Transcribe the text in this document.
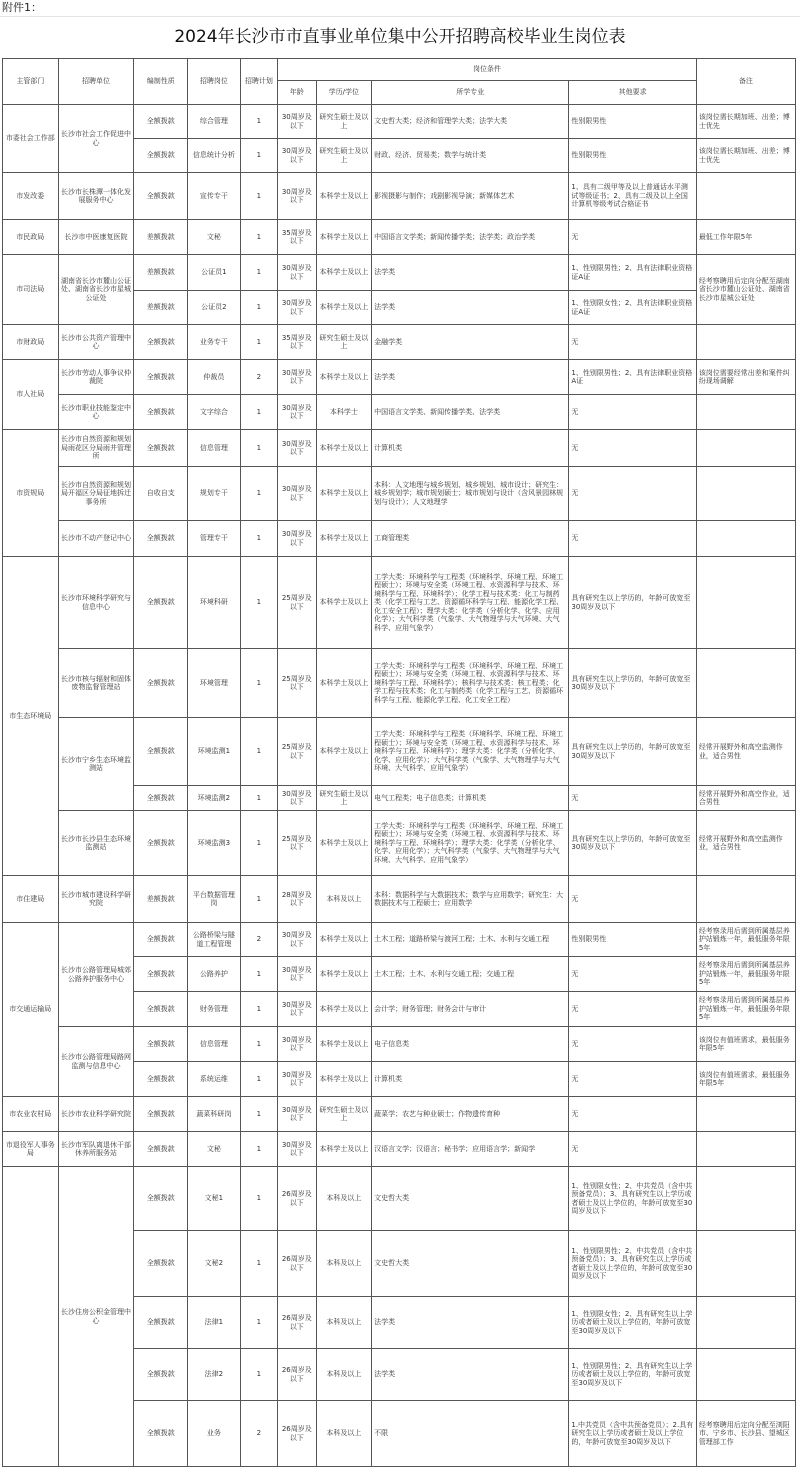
附件1：
2024年长沙市市直事业单位集中公开招聘高校毕业生岗位表
主管部门	招聘单位	编制性质	招聘岗位	招聘计划	岗位条件				备注
					年龄	学历/学位	所学专业	其他要求	
市委社会工作部	长沙市社会工作促进中心	全额拨款	综合管理	1	30周岁及以下	研究生硕士及以上	文史哲大类；经济和管理学大类；法学大类	性别限男性	该岗位需长期加班、出差；博士优先
		全额拨款	信息统计分析	1	30周岁及以下	研究生硕士及以上	财政、经济、贸易类；数学与统计类	性别限男性	该岗位需长期加班、出差；博士优先
市发改委	长沙市长株潭一体化发展服务中心	全额拨款	宣传专干	1	30周岁及以下	本科学士及以上	影视摄影与制作；戏剧影视导演；新媒体艺术	1、具有二级甲等及以上普通话水平测试等级证书；2、具有二级及以上全国计算机等级考试合格证书	
市民政局	长沙市中医康复医院	差额拨款	文秘	1	35周岁及以下	本科学士及以上	中国语言文学类；新闻传播学类；法学类；政治学类	无	最低工作年限5年
市司法局	湖南省长沙市麓山公证处、湖南省长沙市星城公证处	差额拨款	公证员1	1	30周岁及以下	本科学士及以上	法学类	1、性别限男性；2、具有法律职业资格证A证	经考察聘用后定向分配至湖南省长沙市麓山公证处、湖南省长沙市星城公证处
		差额拨款	公证员2	1	30周岁及以下	本科学士及以上	法学类	1、性别限女性；2、具有法律职业资格证A证	
市财政局	长沙市公共资产管理中心	全额拨款	业务专干	1	35周岁及以下	研究生硕士及以上	金融学类	无	
市人社局	长沙市劳动人事争议仲裁院	全额拨款	仲裁员	2	30周岁及以下	本科学士及以上	法学类	1、性别限男性；2、具有法律职业资格A证	该岗位需要经常出差和案件纠纷现场调解
	长沙市职业技能鉴定中心	全额拨款	文字综合	1	30周岁及以下	本科学士	中国语言文学类、新闻传播学类、法学类	无	
市资规局	长沙市自然资源和规划局雨花区分局雨井管理所	全额拨款	信息管理	1	30周岁及以下	本科学士及以上	计算机类	无	
	长沙市自然资源和规划局开福区分局征地拆迁事务所	自收自支	规划专干	1	30周岁及以下	本科学士及以上	本科：人文地理与城乡规划、城乡规划、城市设计；研究生：城乡规划学；城市规划硕士；城市规划与设计（含风景园林规划与设计）；人文地理学	无	
	长沙市不动产登记中心	全额拨款	管理专干	1	30周岁及以下	本科学士及以上	工商管理类	无	
市生态环境局	长沙市环境科学研究与信息中心	全额拨款	环境科研	1	25周岁及以下	本科学士及以上	工学大类：环境科学与工程类（环境科学、环境工程、环境工程硕士）；环境与安全类（环境工程、水资源科学与技术、环境科学与工程、环境科学）；化学工程与技术类：化工与制药类（化学工程与工艺、资源循环科学与工程、能源化学工程、化工安全工程）；理学大类：化学类（分析化学、化学、应用化学）；大气科学类（气象学、大气物理学与大气环境、大气科学、应用气象学）	具有研究生以上学历的，年龄可放宽至30周岁及以下	
	长沙市核与辐射和固体废物监督管理站	全额拨款	环境管理	1	25周岁及以下	本科学士及以上	工学大类：环境科学与工程类（环境科学、环境工程、环境工程硕士）；环境与安全类（环境工程、水资源科学与技术、环境科学与工程、环境科学）；核科学与技术类：核工程类；化学工程与技术类；化工与制药类（化学工程与工艺、资源循环科学与工程、能源化学工程、化工安全工程）	具有研究生以上学历的，年龄可放宽至30周岁及以下	
	长沙市宁乡生态环境监测站	全额拨款	环境监测1	1	25周岁及以下	本科学士及以上	工学大类：环境科学与工程类（环境科学、环境工程、环境工程硕士）；环境与安全类（环境工程、水资源科学与技术、环境科学与工程、环境科学）；理学大类：化学类（分析化学、化学、应用化学）；大气科学类（气象学、大气物理学与大气环境、大气科学、应用气象学）	具有研究生以上学历的，年龄可放宽至30周岁及以下	经常开展野外和高空监测作业，适合男性
		全额拨款	环境监测2	1	30周岁及以下	研究生硕士及以上	电气工程类；电子信息类；计算机类	无	经常开展野外和高空作业，适合男性
	长沙市长沙县生态环境监测站	全额拨款	环境监测3	1	25周岁及以下	本科学士及以上	工学大类：环境科学与工程类（环境科学、环境工程、环境工程硕士）；环境与安全类（环境工程、水资源科学与技术、环境科学与工程、环境科学）；理学大类：化学类（分析化学、化学、应用化学）；大气科学类（气象学、大气物理学与大气环境、大气科学、应用气象学）	具有研究生以上学历的，年龄可放宽至30周岁及以下	经常开展野外和高空监测作业，适合男性
市住建局	长沙市城市建设科学研究院	差额拨款	平台数据管理岗	1	28周岁及以下	本科及以上	本科：数据科学与大数据技术；数学与应用数学；研究生：大数据技术与工程硕士；应用数学	无	
市交通运输局	长沙市公路管理局城郊公路养护服务中心	全额拨款	公路桥梁与隧道工程管理	2	30周岁及以下	本科学士及以上	土木工程；道路桥梁与渡河工程；土木、水利与交通工程	性别限男性	经考察录用后需到所属基层养护站锻炼一年，最低服务年限5年
		全额拨款	公路养护	1	30周岁及以下	本科学士及以上	土木工程；土木、水利与交通工程；交通工程	无	经考察录用后需到所属基层养护站锻炼一年，最低服务年限5年
		全额拨款	财务管理	1	30周岁及以下	本科学士及以上	会计学；财务管理；财务会计与审计	无	经考察录用后需到所属基层养护站锻炼一年，最低服务年限5年
	长沙市公路管理局路网监测与信息中心	全额拨款	信息管理	1	30周岁及以下	本科学士及以上	电子信息类	无	该岗位有值班需求，最低服务年限5年
		全额拨款	系统运维	1	30周岁及以下	本科学士及以上	计算机类	无	该岗位有值班需求，最低服务年限5年
市农业农村局	长沙市农业科学研究院	全额拨款	蔬菜科研岗	1	30周岁及以下	研究生硕士及以上	蔬菜学；农艺与种业硕士；作物遗传育种	无	
市退役军人事务局	长沙市军队离退休干部休养所服务站	全额拨款	文秘	1	30周岁及以下	本科学士及以上	汉语言文学；汉语言；秘书学；应用语言学；新闻学	无	
	长沙住房公积金管理中心	全额拨款	文秘1	1	26周岁及以下	本科及以上	文史哲大类	1、性别限女性；2、中共党员（含中共预备党员）；3、具有研究生以上学历或者硕士及以上学位的，年龄可放宽至30周岁及以下	
		全额拨款	文秘2	1	26周岁及以下	本科及以上	文史哲大类	1、性别限男性；2、中共党员（含中共预备党员）；3、具有研究生以上学历或者硕士及以上学位的，年龄可放宽至30周岁及以下	
		全额拨款	法律1	1	26周岁及以下	本科及以上	法学类	1、性别限女性；2、具有研究生以上学历或者硕士及以上学位的，年龄可放宽至30周岁及以下	
		全额拨款	法律2	1	26周岁及以下	本科及以上	法学类	1、性别限男性；2、具有研究生以上学历或者硕士及以上学位的，年龄可放宽至30周岁及以下	
		全额拨款	业务	2	26周岁及以下	本科及以上	不限	1.中共党员（含中共预备党员）；2.具有研究生以上学历或者硕士及以上学位的，年龄可放宽至30周岁及以下	经考察聘用后定向分配至浏阳市、宁乡市、长沙县、望城区管理部工作
